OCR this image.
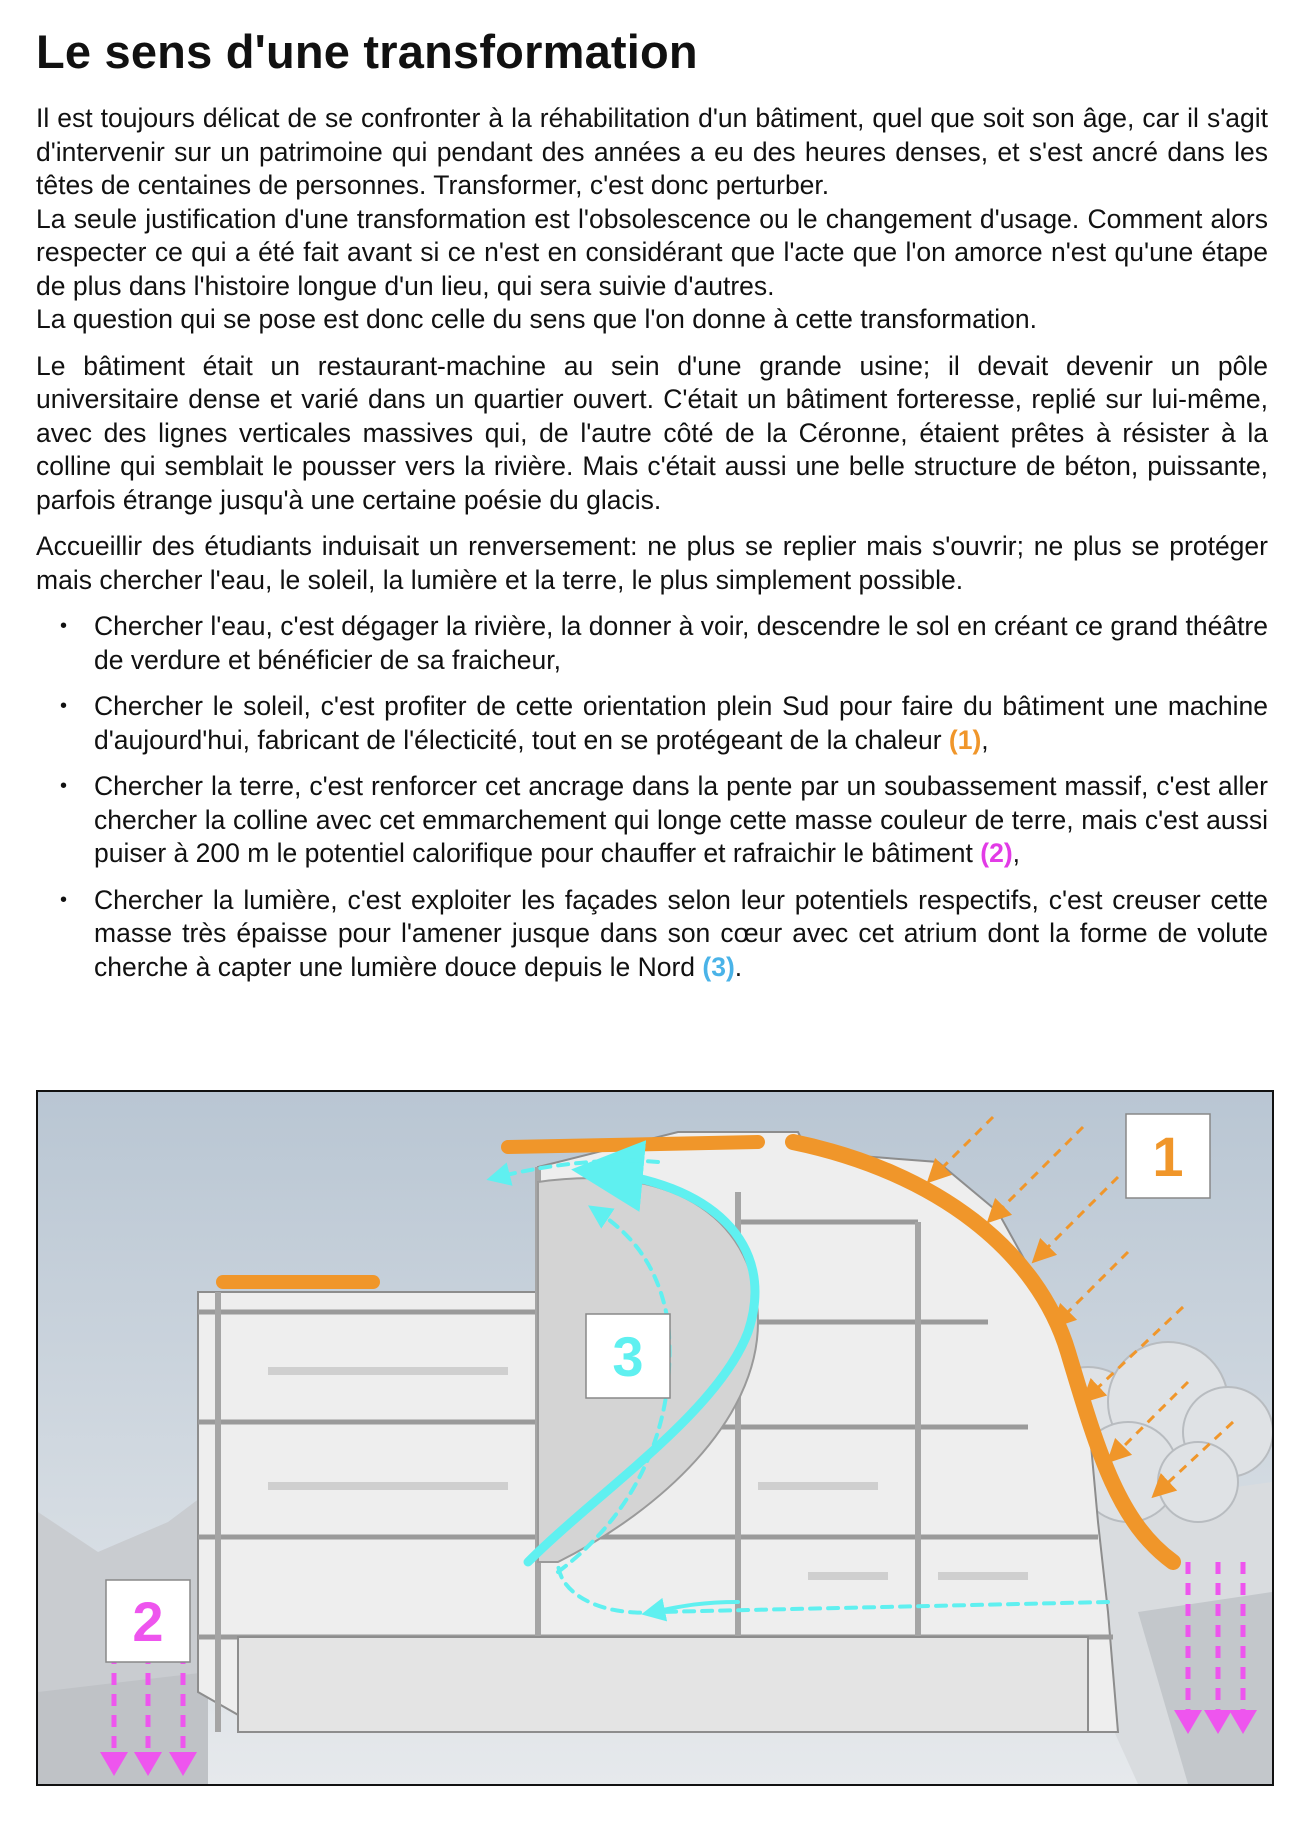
Le sens d'une transformation

Il est toujours délicat de se confronter à la réhabilitation d'un bâtiment, quel que soit son âge, car il s'agit d'intervenir sur un patrimoine qui pendant des années a eu des heures denses, et s'est ancré dans les têtes de centaines de personnes. Transformer, c'est donc perturber.

La seule justification d'une transformation est l'obsolescence ou le changement d'usage. Comment alors respecter ce qui a été fait avant si ce n'est en considérant que l'acte que l'on amorce n'est qu'une étape de plus dans l'histoire longue d'un lieu, qui sera suivie d'autres.

La question qui se pose est donc celle du sens que l'on donne à cette transformation.

Le bâtiment était un restaurant-machine au sein d'une grande usine; il devait devenir un pôle universitaire dense et varié dans un quartier ouvert. C'était un bâtiment forteresse, replié sur lui-même, avec des lignes verticales massives qui, de l'autre côté de la Céronne, étaient prêtes à résister à la colline qui semblait le pousser vers la rivière. Mais c'était aussi une belle structure de béton, puissante, parfois étrange jusqu'à une certaine poésie du glacis.

Accueillir des étudiants induisait un renversement: ne plus se replier mais s'ouvrir; ne plus se protéger mais chercher l'eau, le soleil, la lumière et la terre, le plus simplement possible.

• Chercher l'eau, c'est dégager la rivière, la donner à voir, descendre le sol en créant ce grand théâtre de verdure et bénéficier de sa fraicheur,
• Chercher le soleil, c'est profiter de cette orientation plein Sud pour faire du bâtiment une machine d'aujourd'hui, fabricant de l'électicité, tout en se protégeant de la chaleur (1),
• Chercher la terre, c'est renforcer cet ancrage dans la pente par un soubassement massif, c'est aller chercher la colline avec cet emmarchement qui longe cette masse couleur de terre, mais c'est aussi puiser à 200 m le potentiel calorifique pour chauffer et rafraichir le bâtiment (2),
• Chercher la lumière, c'est exploiter les façades selon leur potentiels respectifs, c'est creuser cette masse très épaisse pour l'amener jusque dans son cœur avec cet atrium dont la forme de volute cherche à capter une lumière douce depuis le Nord (3).
1
2
3
